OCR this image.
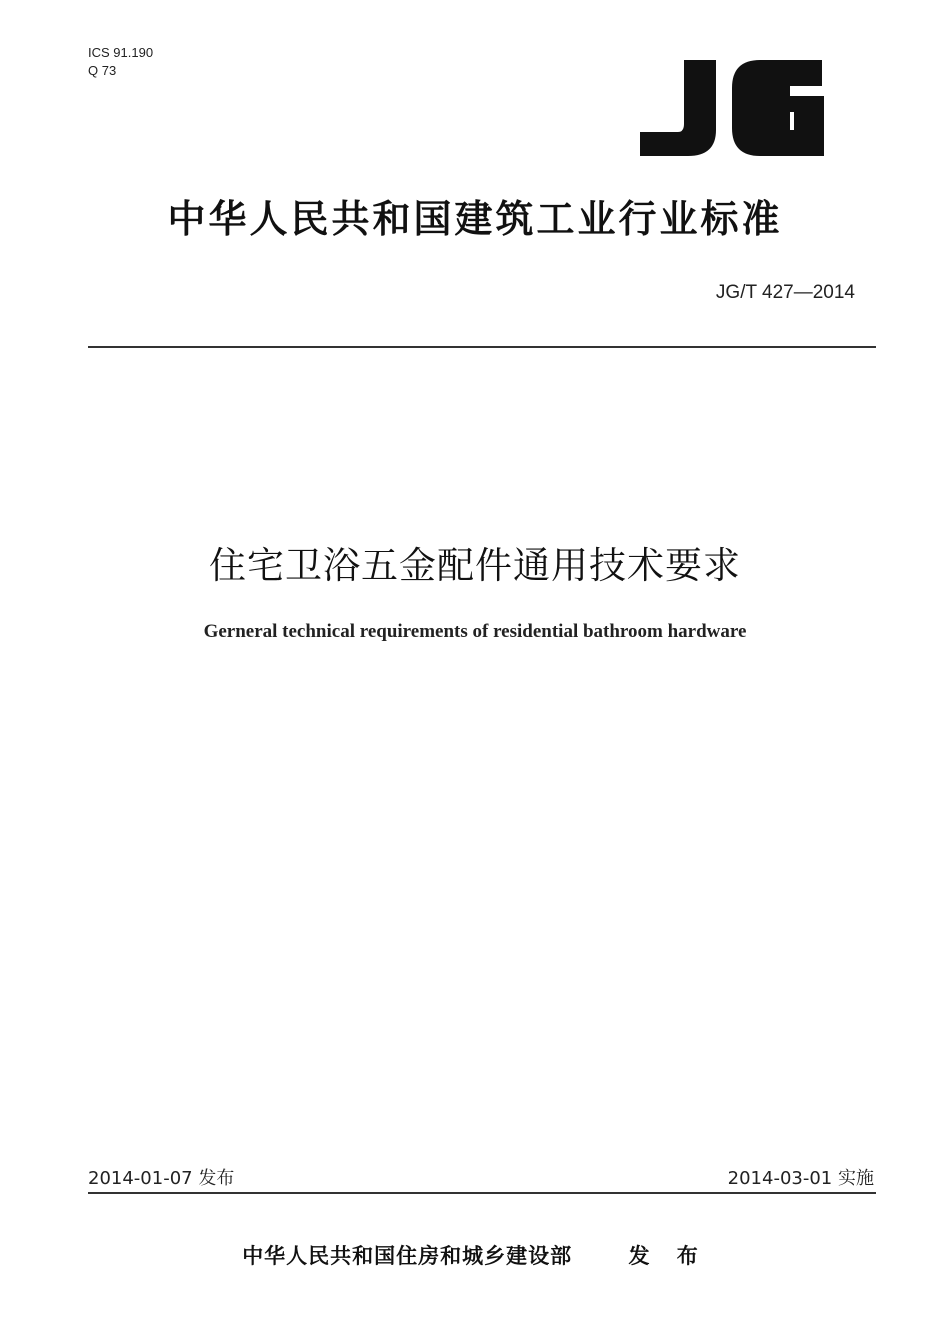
ICS 91.190
Q 73
中华人民共和国建筑工业行业标准
JG/T 427—2014
住宅卫浴五金配件通用技术要求
Gerneral technical requirements of residential bathroom hardware
2014-01-07 发布	2014-03-01 实施
中华人民共和国住房和城乡建设部	发 布
